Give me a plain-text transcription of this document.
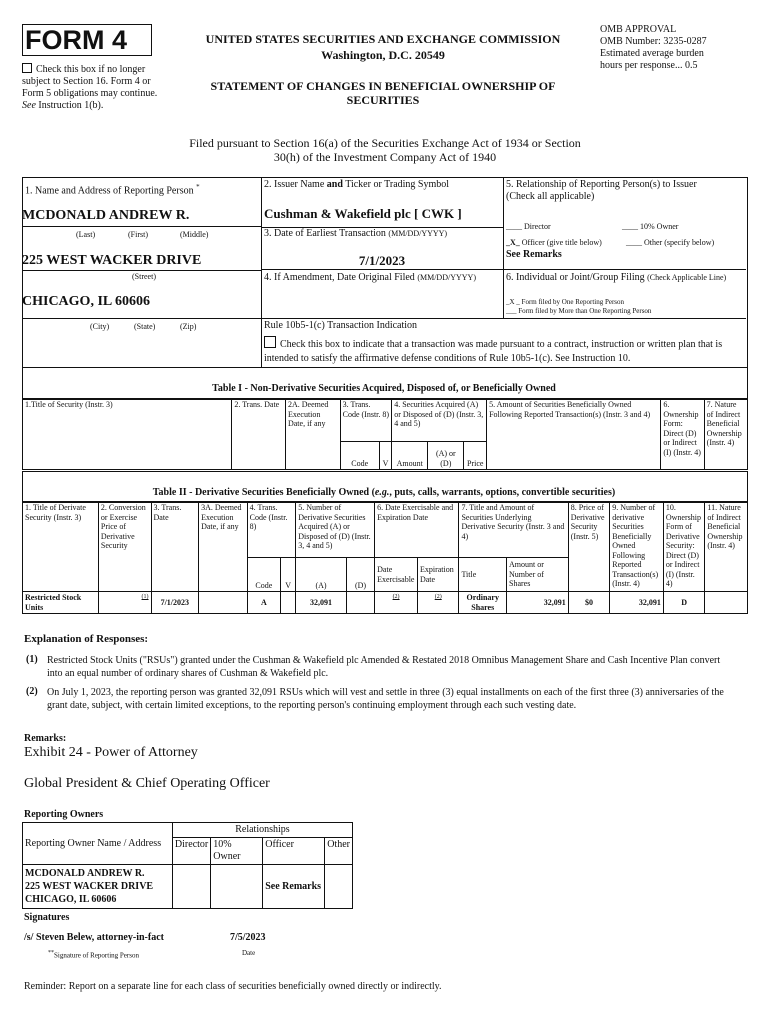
FORM 4
Check this box if no longer subject to Section 16. Form 4 or Form 5 obligations may continue. See Instruction 1(b).
UNITED STATES SECURITIES AND EXCHANGE COMMISSION
Washington, D.C. 20549
STATEMENT OF CHANGES IN BENEFICIAL OWNERSHIP OF SECURITIES
OMB APPROVAL
OMB Number: 3235-0287
Estimated average burden
hours per response... 0.5
Filed pursuant to Section 16(a) of the Securities Exchange Act of 1934 or Section 30(h) of the Investment Company Act of 1940
1. Name and Address of Reporting Person *
MCDONALD ANDREW R.
(Last)	(First)	(Middle)
225 WEST WACKER DRIVE
(Street)
CHICAGO, IL 60606
(City)	(State)	(Zip)
2. Issuer Name and Ticker or Trading Symbol
Cushman & Wakefield plc [ CWK ]
3. Date of Earliest Transaction (MM/DD/YYYY)
7/1/2023
4. If Amendment, Date Original Filed (MM/DD/YYYY)
5. Relationship of Reporting Person(s) to Issuer
(Check all applicable)
____ Director	____ 10% Owner
_X_ Officer (give title below)	____ Other (specify below)
See Remarks
6. Individual or Joint/Group Filing (Check Applicable Line)
_X _ Form filed by One Reporting Person
___ Form filed by More than One Reporting Person
Rule 10b5-1(c) Transaction Indication
Check this box to indicate that a transaction was made pursuant to a contract, instruction or written plan that is intended to satisfy the affirmative defense conditions of Rule 10b5-1(c). See Instruction 10.
Table I - Non-Derivative Securities Acquired, Disposed of, or Beneficially Owned
1.Title of Security (Instr. 3)	2. Trans. Date	2A. Deemed Execution Date, if any	3. Trans. Code (Instr. 8)		4. Securities Acquired (A) or Disposed of (D) (Instr. 3, 4 and 5)			5. Amount of Securities Beneficially Owned Following Reported Transaction(s) (Instr. 3 and 4)	6. Ownership Form: Direct (D) or Indirect (I) (Instr. 4)	7. Nature of Indirect Beneficial Ownership (Instr. 4)
			Code	V	Amount	(A) or (D)	Price			
Table II - Derivative Securities Beneficially Owned (e.g., puts, calls, warrants, options, convertible securities)
1. Title of Derivate Security (Instr. 3)	2. Conversion or Exercise Price of Derivative Security	3. Trans. Date	3A. Deemed Execution Date, if any	4. Trans. Code (Instr. 8)		5. Number of Derivative Securities Acquired (A) or Disposed of (D) (Instr. 3, 4 and 5)		6. Date Exercisable and Expiration Date		7. Title and Amount of Securities Underlying Derivative Security (Instr. 3 and 4)		8. Price of Derivative Security (Instr. 5)	9. Number of derivative Securities Beneficially Owned Following Reported Transaction(s) (Instr. 4)	10. Ownership Form of Derivative Security: Direct (D) or Indirect (I) (Instr. 4)	11. Nature of Indirect Beneficial Ownership (Instr. 4)
				Code	V	(A)	(D)	Date Exercisable	Expiration Date	Title	Amount or Number of Shares				
Restricted Stock Units	(1)	7/1/2023		A		32,091		(2)	(2)	Ordinary Shares	32,091	$0	32,091	D	
Explanation of Responses:
(1) Restricted Stock Units ("RSUs") granted under the Cushman & Wakefield plc Amended & Restated 2018 Omnibus Management Share and Cash Incentive Plan convert into an equal number of ordinary shares of Cushman & Wakefield plc.
(2) On July 1, 2023, the reporting person was granted 32,091 RSUs which will vest and settle in three (3) equal installments on each of the first three (3) anniversaries of the grant date, subject, with certain limited exceptions, to the reporting person's continuing employment through each such vesting date.
Remarks:
Exhibit 24 - Power of Attorney
Global President & Chief Operating Officer
Reporting Owners
Reporting Owner Name / Address	Relationships			
	Director	10% Owner	Officer	Other

MCDONALD ANDREW R.
225 WEST WACKER DRIVE
CHICAGO, IL 60606			See Remarks	
Signatures
/s/ Steven Belew, attorney-in-fact	7/5/2023
**Signature of Reporting Person	Date
Reminder: Report on a separate line for each class of securities beneficially owned directly or indirectly.
